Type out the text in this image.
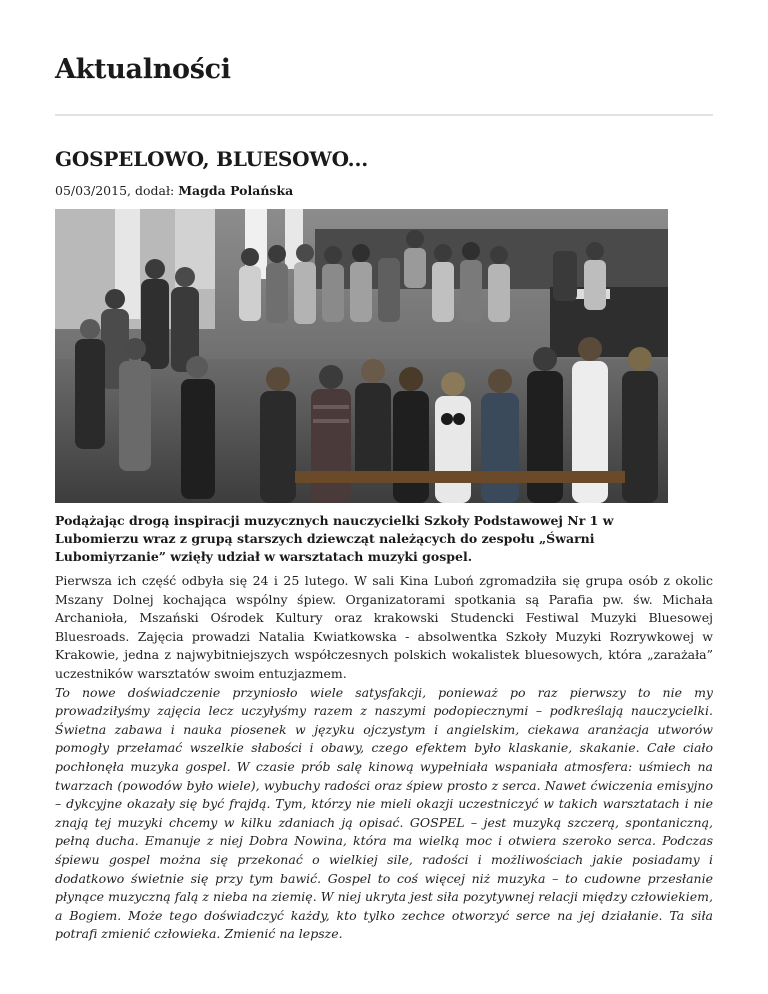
Aktualności
GOSPELOWO, BLUESOWO...
05/03/2015, dodał: Magda Polańska

Podążając drogą inspiracji muzycznych nauczycielki Szkoły Podstawowej Nr 1 w Lubomierzu wraz z grupą starszych dziewcząt należących do zespołu „Śwarni Lubomiyrzanie” wzięły udział w warsztatach muzyki gospel.

Pierwsza ich część odbyła się 24 i 25 lutego. W sali Kina Luboń zgromadziła się grupa osób z okolic Mszany Dolnej kochająca wspólny śpiew. Organizatorami spotkania są Parafia pw. św. Michała Archanioła, Mszański Ośrodek Kultury oraz krakowski Studencki Festiwal Muzyki Bluesowej Bluesroads. Zajęcia prowadzi Natalia Kwiatkowska - absolwentka Szkoły Muzyki Rozrywkowej w Krakowie, jedna z najwybitniejszych współczesnych polskich wokalistek bluesowych, która „zarażała” uczestników warsztatów swoim entuzjazmem.

To nowe doświadczenie przyniosło wiele satysfakcji, ponieważ po raz pierwszy to nie my prowadziłyśmy zajęcia lecz uczyłyśmy razem z naszymi podopiecznymi – podkreślają nauczycielki. Świetna zabawa i nauka piosenek w języku ojczystym i angielskim, ciekawa aranżacja utworów pomogły przełamać wszelkie słabości i obawy, czego efektem było klaskanie, skakanie. Całe ciało pochłonęła muzyka gospel. W czasie prób salę kinową wypełniała wspaniała atmosfera: uśmiech na twarzach (powodów było wiele), wybuchy radości oraz śpiew prosto z serca. Nawet ćwiczenia emisyjno – dykcyjne okazały się być frajdą. Tym, którzy nie mieli okazji uczestniczyć w takich warsztatach i nie znają tej muzyki chcemy w kilku zdaniach ją opisać. GOSPEL – jest muzyką szczerą, spontaniczną, pełną ducha. Emanuje z niej Dobra Nowina, która ma wielką moc i otwiera szeroko serca. Podczas śpiewu gospel można się przekonać o wielkiej sile, radości i możliwościach jakie posiadamy i dodatkowo świetnie się przy tym bawić. Gospel to coś więcej niż muzyka – to cudowne przesłanie płynące muzyczną falą z nieba na ziemię. W niej ukryta jest siła pozytywnej relacji między człowiekiem, a Bogiem. Może tego doświadczyć każdy, kto tylko zechce otworzyć serce na jej działanie. Ta siła potrafi zmienić człowieka. Zmienić na lepsze.
